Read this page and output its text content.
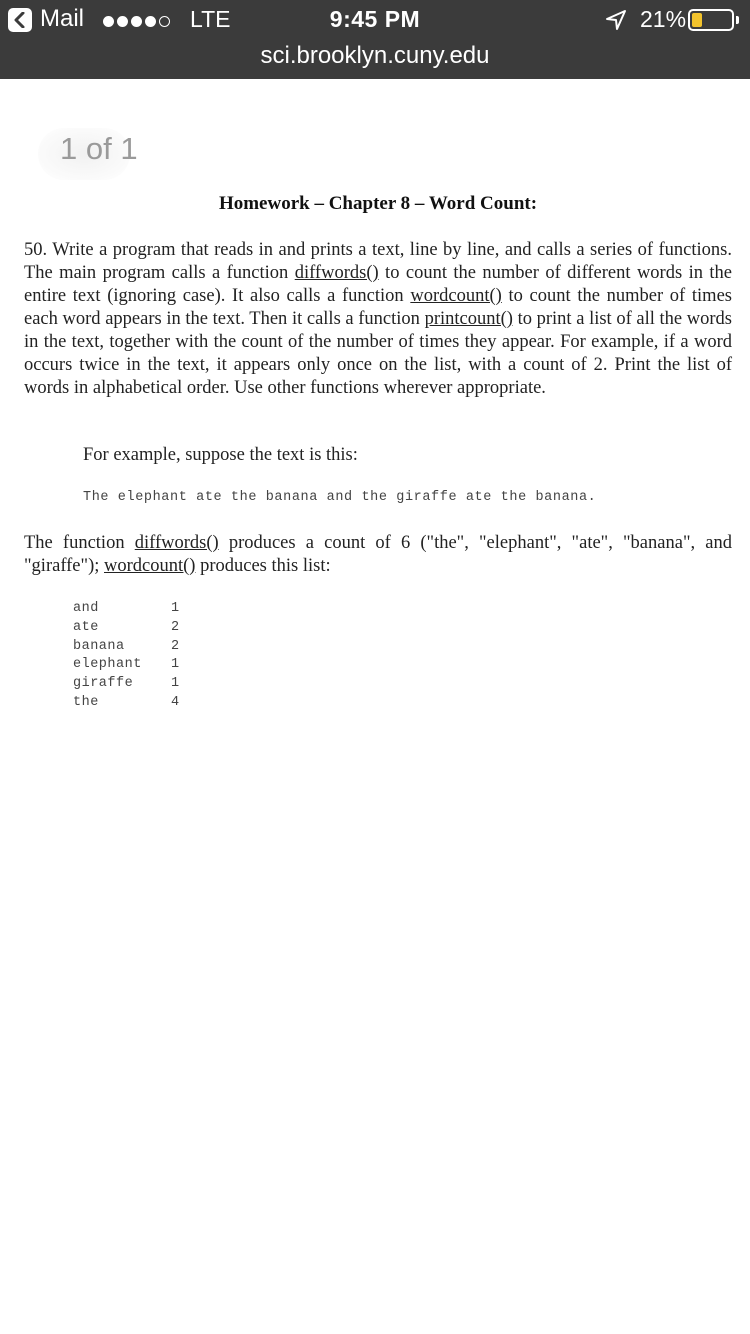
Mail	LTE	9:45 PM	21%
sci.brooklyn.cuny.edu
1 of 1
Homework – Chapter 8 – Word Count:

50. Write a program that reads in and prints a text, line by line, and calls a series of functions. The main program calls a function diffwords() to count the number of different words in the entire text (ignoring case). It also calls a function wordcount() to count the number of times each word appears in the text. Then it calls a function printcount() to print a list of all the words in the text, together with the count of the number of times they appear. For example, if a word occurs twice in the text, it appears only once on the list, with a count of 2. Print the list of words in alphabetical order. Use other functions wherever appropriate.

For example, suppose the text is this:
The elephant ate the banana and the giraffe ate the banana.

The function diffwords() produces a count of 6 ("the", "elephant", "ate", "banana", and "giraffe"); wordcount() produces this list:

and	1
ate	2
banana	2
elephant 1
giraffe	1
the	4
